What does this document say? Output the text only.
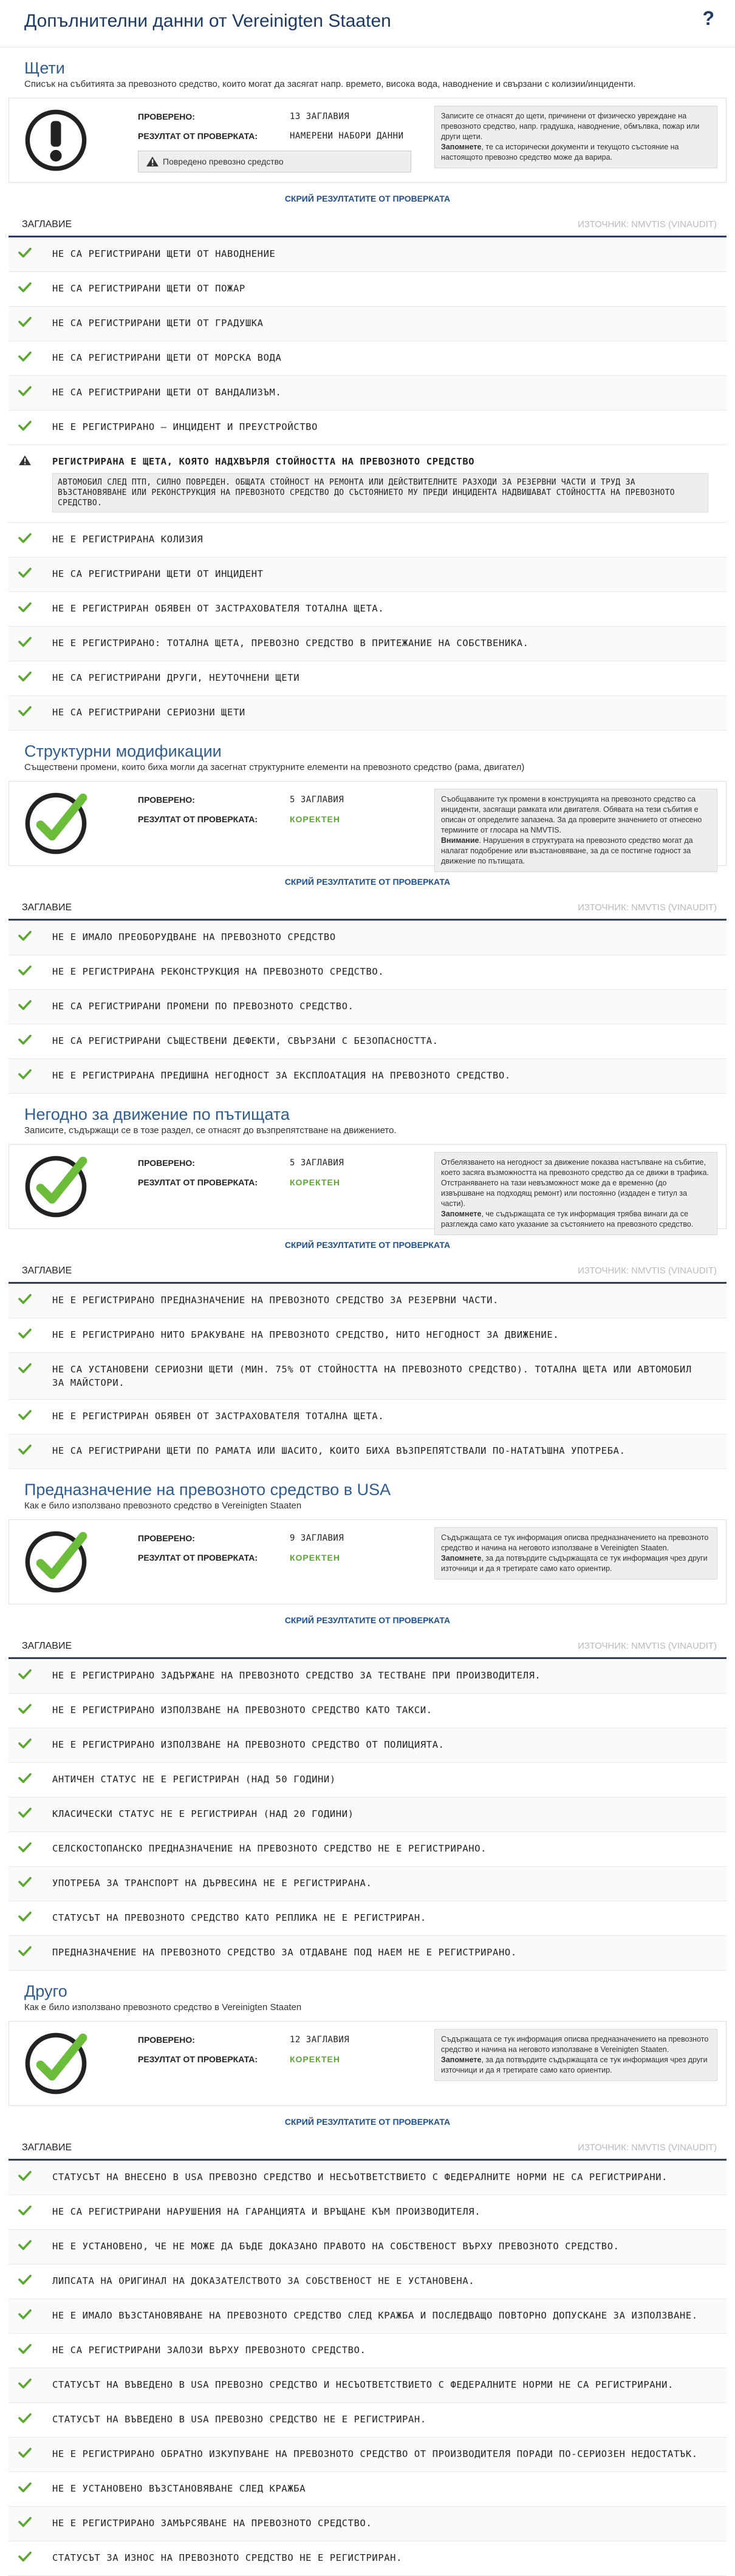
Допълнителни данни от Vereinigten Staaten	?
Щети

Списък на събитията за превозното средство, които могат да засягат напр. времето, висока вода, наводнение и свързани с колизии/инциденти.

ПРОВЕРЕНО:	13 ЗАГЛАВИЯ
РЕЗУЛТАТ ОТ ПРОВЕРКАТА:	НАМЕРЕНИ НАБОРИ ДАННИ
Повредено превозно средство
Записите се отнасят до щети, причинени от физическо увреждане на превозното средство, напр. градушка, наводнение, обмълвка, пожар или други щети.
Запомнете, те са исторически документи и текущото състояние на настоящото превозно средство може да варира.
СКРИЙ РЕЗУЛТАТИТЕ ОТ ПРОВЕРКАТА
ЗАГЛАВИЕ	ИЗТОЧНИК: NMVTIS (VINAUDIT)
НЕ СА РЕГИСТРИРАНИ ЩЕТИ ОТ НАВОДНЕНИЕ
НЕ СА РЕГИСТРИРАНИ ЩЕТИ ОТ ПОЖАР
НЕ СА РЕГИСТРИРАНИ ЩЕТИ ОТ ГРАДУШКА
НЕ СА РЕГИСТРИРАНИ ЩЕТИ ОТ МОРСКА ВОДА
НЕ СА РЕГИСТРИРАНИ ЩЕТИ ОТ ВАНДАЛИЗЪМ.
НЕ Е РЕГИСТРИРАНО – ИНЦИДЕНТ И ПРЕУСТРОЙСТВО
РЕГИСТРИРАНА Е ЩЕТА, КОЯТО НАДХВЪРЛЯ СТОЙНОСТТА НА ПРЕВОЗНОТО СРЕДСТВО
АВТОМОБИЛ СЛЕД ПТП, СИЛНО ПОВРЕДЕН. ОБЩАТА СТОЙНОСТ НА РЕМОНТА ИЛИ ДЕЙСТВИТЕЛНИТЕ РАЗХОДИ ЗА РЕЗЕРВНИ ЧАСТИ И ТРУД ЗА ВЪЗСТАНОВЯВАНЕ ИЛИ РЕКОНСТРУКЦИЯ НА ПРЕВОЗНОТО СРЕДСТВО ДО СЪСТОЯНИЕТО МУ ПРЕДИ ИНЦИДЕНТА НАДВИШАВАТ СТОЙНОСТТА НА ПРЕВОЗНОТО СРЕДСТВО.
НЕ Е РЕГИСТРИРАНА КОЛИЗИЯ
НЕ СА РЕГИСТРИРАНИ ЩЕТИ ОТ ИНЦИДЕНТ
НЕ Е РЕГИСТРИРАН ОБЯВЕН ОТ ЗАСТРАХОВАТЕЛЯ ТОТАЛНА ЩЕТА.
НЕ Е РЕГИСТРИРАНО: ТОТАЛНА ЩЕТА, ПРЕВОЗНО СРЕДСТВО В ПРИТЕЖАНИЕ НА СОБСТВЕНИКА.
НЕ СА РЕГИСТРИРАНИ ДРУГИ, НЕУТОЧНЕНИ ЩЕТИ
НЕ СА РЕГИСТРИРАНИ СЕРИОЗНИ ЩЕТИ
Структурни модификации

Съществени промени, които биха могли да засегнат структурните елементи на превозното средство (рама, двигател)

ПРОВЕРЕНО:	5 ЗАГЛАВИЯ
РЕЗУЛТАТ ОТ ПРОВЕРКАТА:	КОРЕКТЕН
Съобщаваните тук промени в конструкцията на превозното средство са инциденти, засягащи рамката или двигателя. Обявата на тези събития е описан от определите запазена. За да проверите значението от отнесено термините от глосара на NMVTIS.
Внимание. Нарушения в структурата на превозното средство могат да налагат подобрение или възстановяване, за да се постигне годност за движение по пътищата.
СКРИЙ РЕЗУЛТАТИТЕ ОТ ПРОВЕРКАТА
ЗАГЛАВИЕ	ИЗТОЧНИК: NMVTIS (VINAUDIT)
НЕ Е ИМАЛО ПРЕОБОРУДВАНЕ НА ПРЕВОЗНОТО СРЕДСТВО
НЕ Е РЕГИСТРИРАНА РЕКОНСТРУКЦИЯ НА ПРЕВОЗНОТО СРЕДСТВО.
НЕ СА РЕГИСТРИРАНИ ПРОМЕНИ ПО ПРЕВОЗНОТО СРЕДСТВО.
НЕ СА РЕГИСТРИРАНИ СЪЩЕСТВЕНИ ДЕФЕКТИ, СВЪРЗАНИ С БЕЗОПАСНОСТТА.
НЕ Е РЕГИСТРИРАНА ПРЕДИШНА НЕГОДНОСТ ЗА ЕКСПЛОАТАЦИЯ НА ПРЕВОЗНОТО СРЕДСТВО.
Негодно за движение по пътищата

Записите, съдържащи се в тозе раздел, се отнасят до възпрепятстване на движението.

ПРОВЕРЕНО:	5 ЗАГЛАВИЯ
РЕЗУЛТАТ ОТ ПРОВЕРКАТА:	КОРЕКТЕН
Отбелязването на негодност за движение показва настъпване на събитие, което засяга възможността на превозното средство да се движи в трафика. Отстраняването на тази невъзможност може да е временно (до извършване на подходящ ремонт) или постоянно (издаден е титул за части).
Запомнете, че съдържащата се тук информация трябва винаги да се разглежда само като указание за състоянието на превозното средство.
СКРИЙ РЕЗУЛТАТИТЕ ОТ ПРОВЕРКАТА
ЗАГЛАВИЕ	ИЗТОЧНИК: NMVTIS (VINAUDIT)
НЕ Е РЕГИСТРИРАНО ПРЕДНАЗНАЧЕНИЕ НА ПРЕВОЗНОТО СРЕДСТВО ЗА РЕЗЕРВНИ ЧАСТИ.
НЕ Е РЕГИСТРИРАНО НИТО БРАКУВАНЕ НА ПРЕВОЗНОТО СРЕДСТВО, НИТО НЕГОДНОСТ ЗА ДВИЖЕНИЕ.
НЕ СА УСТАНОВЕНИ СЕРИОЗНИ ЩЕТИ (МИН. 75% ОТ СТОЙНОСТТА НА ПРЕВОЗНОТО СРЕДСТВО). ТОТАЛНА ЩЕТА ИЛИ АВТОМОБИЛ ЗА МАЙСТОРИ.
НЕ Е РЕГИСТРИРАН ОБЯВЕН ОТ ЗАСТРАХОВАТЕЛЯ ТОТАЛНА ЩЕТА.
НЕ СА РЕГИСТРИРАНИ ЩЕТИ ПО РАМАТА ИЛИ ШАСИТО, КОИТО БИХА ВЪЗПРЕПЯТСТВАЛИ ПО-НАТАТЪШНА УПОТРЕБА.
Предназначение на превозното средство в USA

Как е било използвано превозното средство в Vereinigten Staaten

ПРОВЕРЕНО:	9 ЗАГЛАВИЯ
РЕЗУЛТАТ ОТ ПРОВЕРКАТА:	КОРЕКТЕН
Съдържащата се тук информация описва предназначението на превозното средство и начина на неговото използване в Vereinigten Staaten.
Запомнете, за да потвърдите съдържащата се тук информация чрез други източници и да я третирате само като ориентир.
СКРИЙ РЕЗУЛТАТИТЕ ОТ ПРОВЕРКАТА
ЗАГЛАВИЕ	ИЗТОЧНИК: NMVTIS (VINAUDIT)
НЕ Е РЕГИСТРИРАНО ЗАДЪРЖАНЕ НА ПРЕВОЗНОТО СРЕДСТВО ЗА ТЕСТВАНЕ ПРИ ПРОИЗВОДИТЕЛЯ.
НЕ Е РЕГИСТРИРАНО ИЗПОЛЗВАНЕ НА ПРЕВОЗНОТО СРЕДСТВО КАТО ТАКСИ.
НЕ Е РЕГИСТРИРАНО ИЗПОЛЗВАНЕ НА ПРЕВОЗНОТО СРЕДСТВО ОТ ПОЛИЦИЯТА.
АНТИЧЕН СТАТУС НЕ Е РЕГИСТРИРАН (НАД 50 ГОДИНИ)
КЛАСИЧЕСКИ СТАТУС НЕ Е РЕГИСТРИРАН (НАД 20 ГОДИНИ)
СЕЛСКОСТОПАНСКО ПРЕДНАЗНАЧЕНИЕ НА ПРЕВОЗНОТО СРЕДСТВО НЕ Е РЕГИСТРИРАНО.
УПОТРЕБА ЗА ТРАНСПОРТ НА ДЪРВЕСИНА НЕ Е РЕГИСТРИРАНА.
СТАТУСЪТ НА ПРЕВОЗНОТО СРЕДСТВО КАТО РЕПЛИКА НЕ Е РЕГИСТРИРАН.
ПРЕДНАЗНАЧЕНИЕ НА ПРЕВОЗНОТО СРЕДСТВО ЗА ОТДАВАНЕ ПОД НАЕМ НЕ Е РЕГИСТРИРАНО.
Друго

Как е било използвано превозното средство в Vereinigten Staaten

ПРОВЕРЕНО:	12 ЗАГЛАВИЯ
РЕЗУЛТАТ ОТ ПРОВЕРКАТА:	КОРЕКТЕН
Съдържащата се тук информация описва предназначението на превозното средство и начина на неговото използване в Vereinigten Staaten.
Запомнете, за да потвърдите съдържащата се тук информация чрез други източници и да я третирате само като ориентир.
СКРИЙ РЕЗУЛТАТИТЕ ОТ ПРОВЕРКАТА
ЗАГЛАВИЕ	ИЗТОЧНИК: NMVTIS (VINAUDIT)
СТАТУСЪТ НА ВНЕСЕНО В USA ПРЕВОЗНО СРЕДСТВО И НЕСЪОТВЕТСТВИЕТО С ФЕДЕРАЛНИТЕ НОРМИ НЕ СА РЕГИСТРИРАНИ.
НЕ СА РЕГИСТРИРАНИ НАРУШЕНИЯ НА ГАРАНЦИЯТА И ВРЪЩАНЕ КЪМ ПРОИЗВОДИТЕЛЯ.
НЕ Е УСТАНОВЕНО, ЧЕ НЕ МОЖЕ ДА БЪДЕ ДОКАЗАНО ПРАВОТО НА СОБСТВЕНОСТ ВЪРХУ ПРЕВОЗНОТО СРЕДСТВО.
ЛИПСАТА НА ОРИГИНАЛ НА ДОКАЗАТЕЛСТВОТО ЗА СОБСТВЕНОСТ НЕ Е УСТАНОВЕНА.
НЕ Е ИМАЛО ВЪЗСТАНОВЯВАНЕ НА ПРЕВОЗНОТО СРЕДСТВО СЛЕД КРАЖБА И ПОСЛЕДВАЩО ПОВТОРНО ДОПУСКАНЕ ЗА ИЗПОЛЗВАНЕ.
НЕ СА РЕГИСТРИРАНИ ЗАЛОЗИ ВЪРХУ ПРЕВОЗНОТО СРЕДСТВО.
СТАТУСЪТ НА ВЪВЕДЕНО В USA ПРЕВОЗНО СРЕДСТВО И НЕСЪОТВЕТСТВИЕТО С ФЕДЕРАЛНИТЕ НОРМИ НЕ СА РЕГИСТРИРАНИ.
СТАТУСЪТ НА ВЪВЕДЕНО В USA ПРЕВОЗНО СРЕДСТВО НЕ Е РЕГИСТРИРАН.
НЕ Е РЕГИСТРИРАНО ОБРАТНО ИЗКУПУВАНЕ НА ПРЕВОЗНОТО СРЕДСТВО ОТ ПРОИЗВОДИТЕЛЯ ПОРАДИ ПО-СЕРИОЗЕН НЕДОСТАТЪК.
НЕ Е УСТАНОВЕНО ВЪЗСТАНОВЯВАНЕ СЛЕД КРАЖБА
НЕ Е РЕГИСТРИРАНО ЗАМЪРСЯВАНЕ НА ПРЕВОЗНОТО СРЕДСТВО.
СТАТУСЪТ ЗА ИЗНОС НА ПРЕВОЗНОТО СРЕДСТВО НЕ Е РЕГИСТРИРАН.
